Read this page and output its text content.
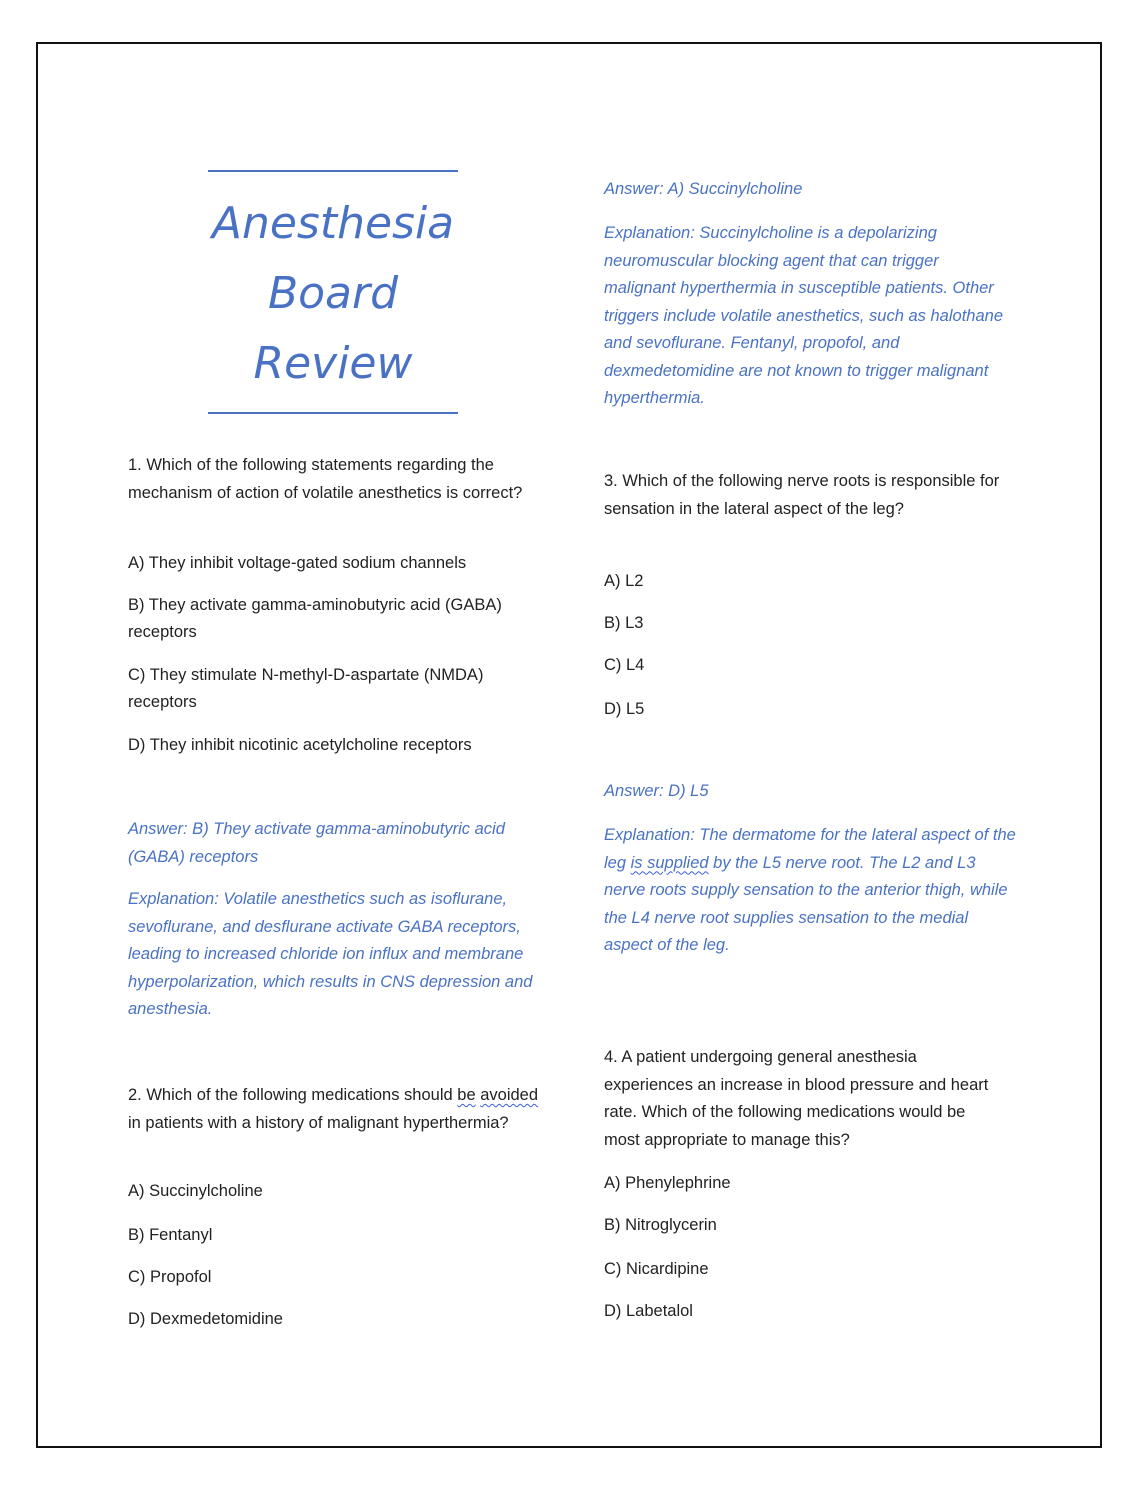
Anesthesia

Board

Review

1. Which of the following statements regarding the mechanism of action of volatile anesthetics is correct?

A) They inhibit voltage-gated sodium channels

B) They activate gamma-aminobutyric acid (GABA) receptors

C) They stimulate N-methyl-D-aspartate (NMDA) receptors

D) They inhibit nicotinic acetylcholine receptors

Answer: B) They activate gamma-aminobutyric acid (GABA) receptors

Explanation: Volatile anesthetics such as isoflurane, sevoflurane, and desflurane activate GABA receptors, leading to increased chloride ion influx and membrane hyperpolarization, which results in CNS depression and anesthesia.

2. Which of the following medications should be avoided in patients with a history of malignant hyperthermia?

A) Succinylcholine

B) Fentanyl

C) Propofol

D) Dexmedetomidine

Answer: A) Succinylcholine

Explanation: Succinylcholine is a depolarizing neuromuscular blocking agent that can trigger malignant hyperthermia in susceptible patients. Other triggers include volatile anesthetics, such as halothane and sevoflurane. Fentanyl, propofol, and dexmedetomidine are not known to trigger malignant hyperthermia.

3. Which of the following nerve roots is responsible for sensation in the lateral aspect of the leg?

A) L2

B) L3

C) L4

D) L5

Answer: D) L5

Explanation: The dermatome for the lateral aspect of the leg is supplied by the L5 nerve root. The L2 and L3 nerve roots supply sensation to the anterior thigh, while the L4 nerve root supplies sensation to the medial aspect of the leg.

4. A patient undergoing general anesthesia experiences an increase in blood pressure and heart rate. Which of the following medications would be most appropriate to manage this?

A) Phenylephrine

B) Nitroglycerin

C) Nicardipine

D) Labetalol
